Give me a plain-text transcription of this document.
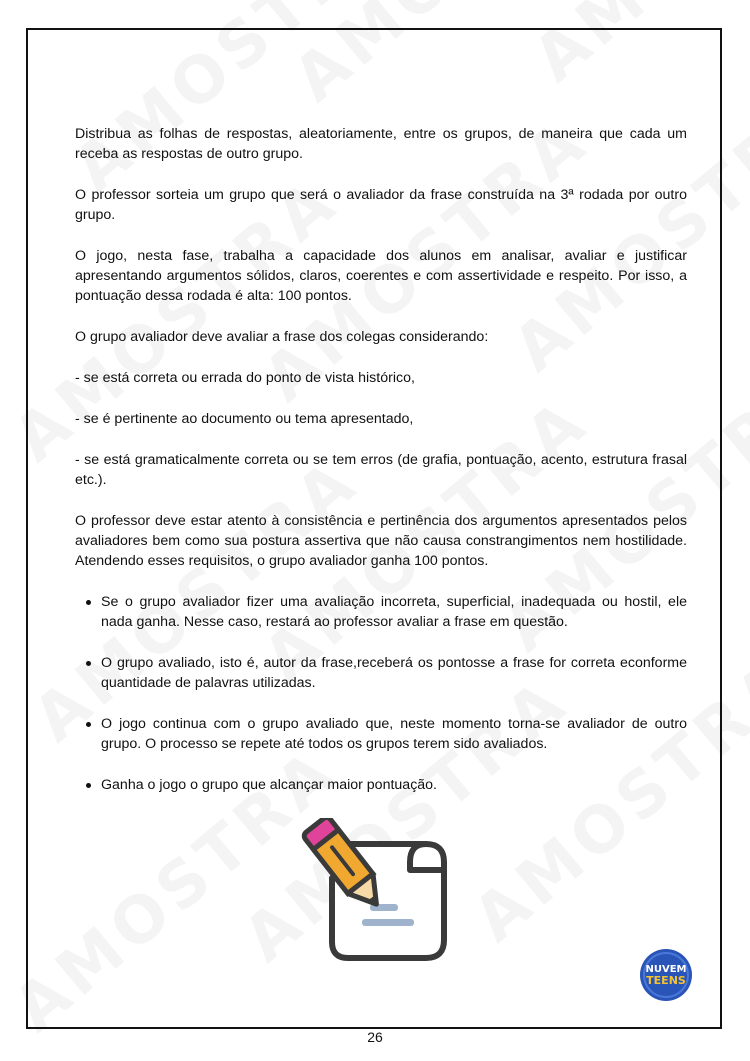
Distribua as folhas de respostas, aleatoriamente, entre os grupos, de maneira que cada um receba as respostas de outro grupo.

O professor sorteia um grupo que será o avaliador da frase construída na 3ª rodada por outro grupo.

O jogo, nesta fase, trabalha a capacidade dos alunos em analisar, avaliar e justificar apresentando argumentos sólidos, claros, coerentes e com assertividade e respeito. Por isso, a pontuação dessa rodada é alta: 100 pontos.

O grupo avaliador deve avaliar a frase dos colegas considerando:

- se está correta ou errada do ponto de vista histórico,

- se é pertinente ao documento ou tema apresentado,

- se está gramaticalmente correta ou se tem erros (de grafia, pontuação, acento, estrutura frasal etc.).

O professor deve estar atento à consistência e pertinência dos argumentos apresentados pelos avaliadores bem como sua postura assertiva que não causa constrangimentos nem hostilidade. Atendendo esses requisitos, o grupo avaliador ganha 100 pontos.

Se o grupo avaliador fizer uma avaliação incorreta, superficial, inadequada ou hostil, ele nada ganha. Nesse caso, restará ao professor avaliar a frase em questão.
O grupo avaliado, isto é, autor da frase,receberá os pontosse a frase for correta econforme quantidade de palavras utilizadas.
O jogo continua com o grupo avaliado que, neste momento torna-se avaliador de outro grupo. O processo se repete até todos os grupos terem sido avaliados.
Ganha o jogo o grupo que alcançar maior pontuação.
NUVEM
TEENS
26
